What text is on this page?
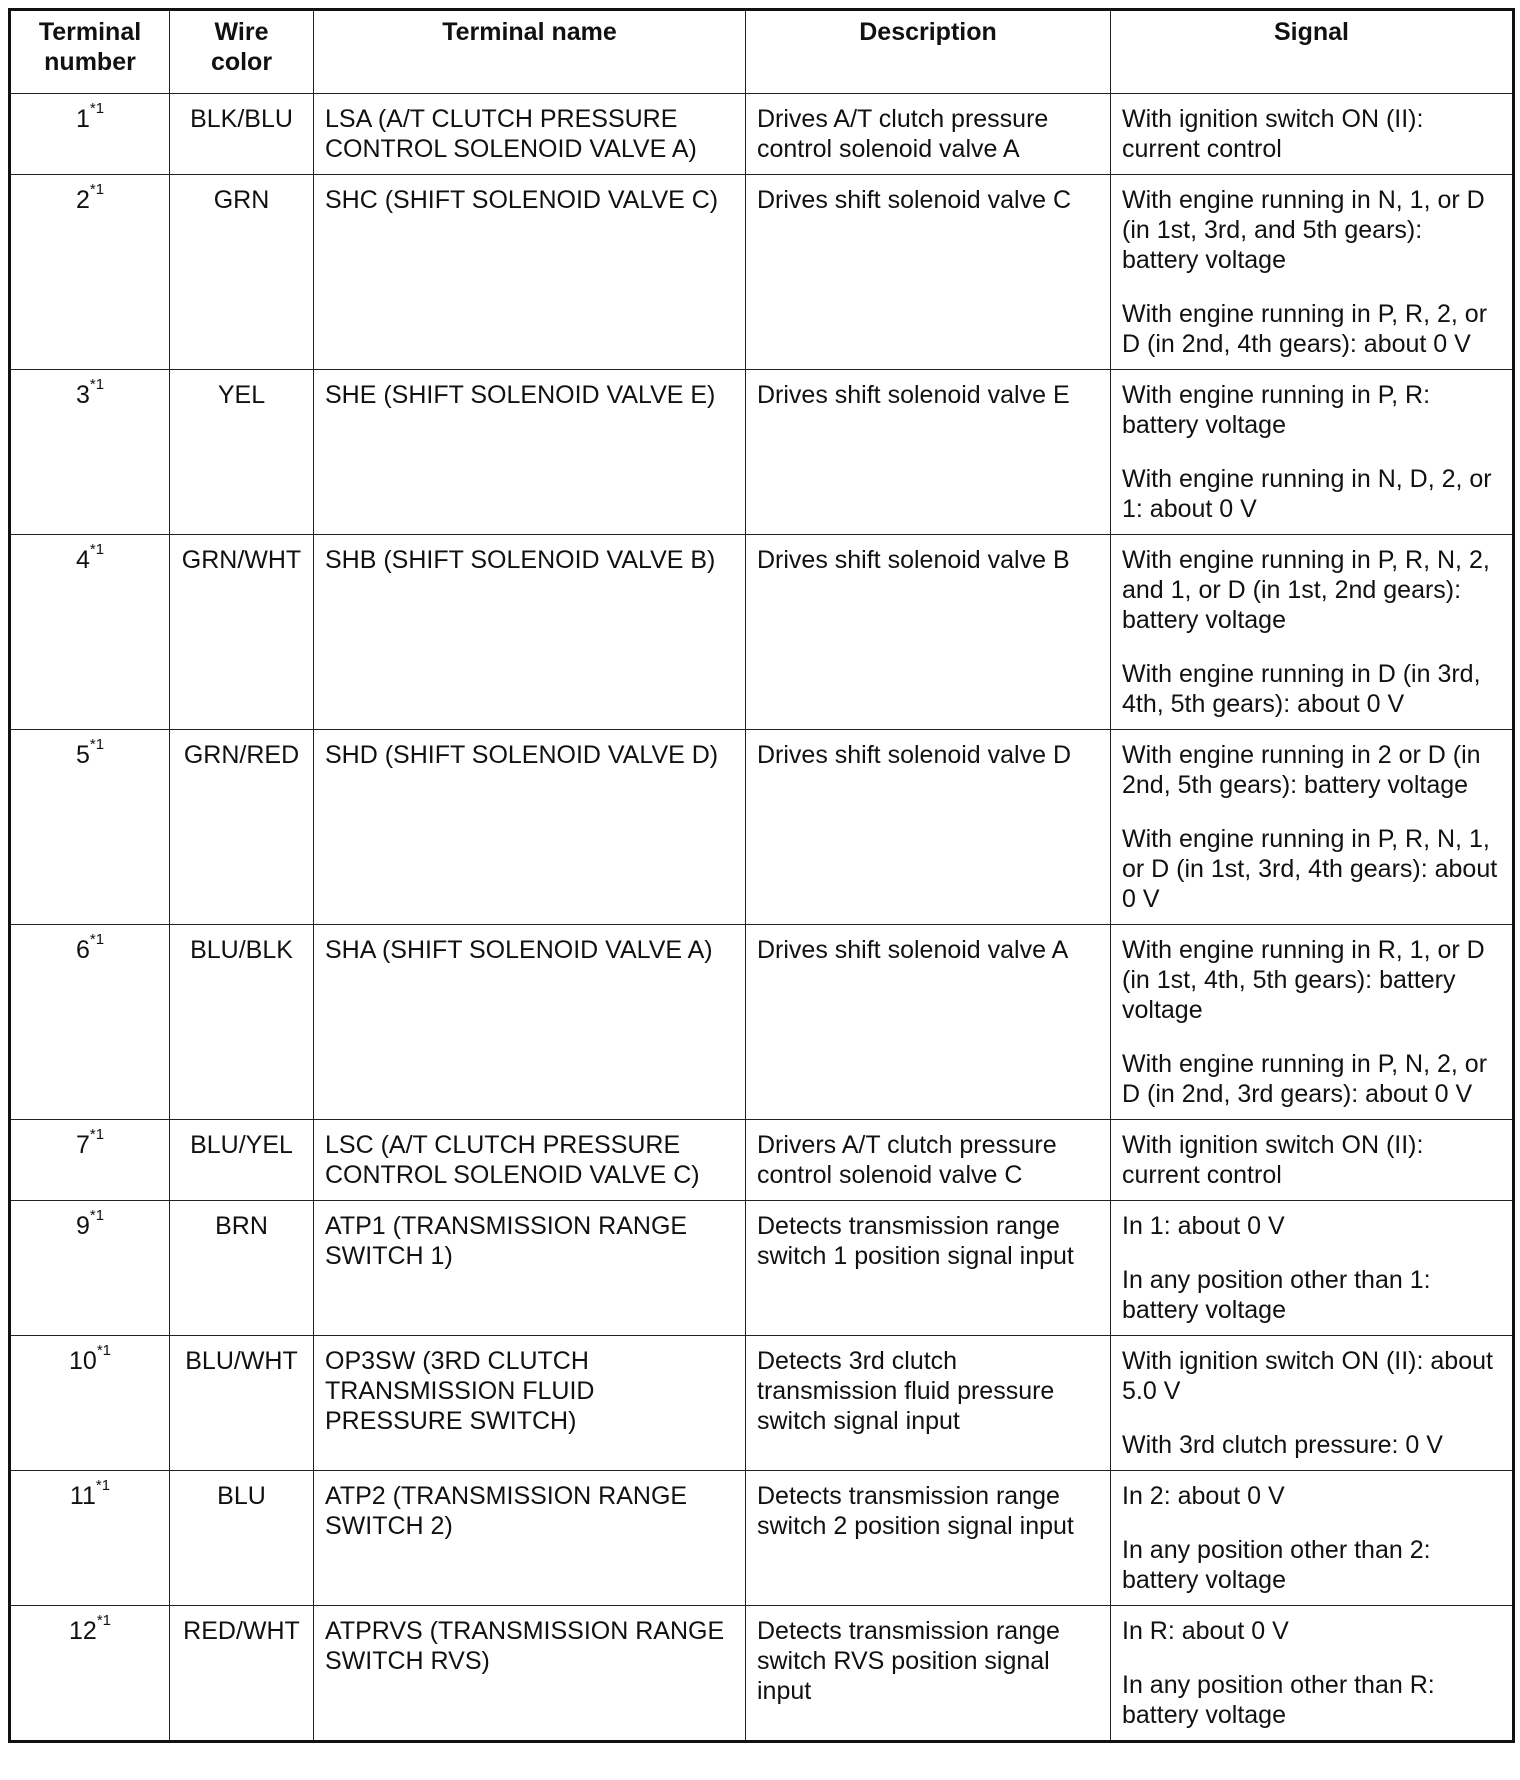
Terminal number	Wire color	Terminal name	Description	Signal
1$^{*1}$	BLK/BLU	LSA (A/T CLUTCH PRESSURE CONTROL SOLENOID VALVE A)	Drives A/T clutch pressure control solenoid valve A	With ignition switch ON (II): current control

2$^{*1}$	GRN	SHC (SHIFT SOLENOID VALVE C)	Drives shift solenoid valve C	With engine running in N, 1, or D (in 1st, 3rd, and 5th gears): battery voltage
With engine running in P, R, 2, or D (in 2nd, 4th gears): about 0 V

3$^{*1}$	YEL	SHE (SHIFT SOLENOID VALVE E)	Drives shift solenoid valve E	With engine running in P, R: battery voltage
With engine running in N, D, 2, or 1: about 0 V

4$^{*1}$	GRN/WHT	SHB (SHIFT SOLENOID VALVE B)	Drives shift solenoid valve B	With engine running in P, R, N, 2, and 1, or D (in 1st, 2nd gears): battery voltage
With engine running in D (in 3rd, 4th, 5th gears): about 0 V

5$^{*1}$	GRN/RED	SHD (SHIFT SOLENOID VALVE D)	Drives shift solenoid valve D	With engine running in 2 or D (in 2nd, 5th gears): battery voltage
With engine running in P, R, N, 1, or D (in 1st, 3rd, 4th gears): about 0 V

6$^{*1}$	BLU/BLK	SHA (SHIFT SOLENOID VALVE A)	Drives shift solenoid valve A	With engine running in R, 1, or D (in 1st, 4th, 5th gears): battery voltage
With engine running in P, N, 2, or D (in 2nd, 3rd gears): about 0 V

7$^{*1}$	BLU/YEL	LSC (A/T CLUTCH PRESSURE CONTROL SOLENOID VALVE C)	Drivers A/T clutch pressure control solenoid valve C	With ignition switch ON (II): current control

9$^{*1}$	BRN	ATP1 (TRANSMISSION RANGE SWITCH 1)	Detects transmission range switch 1 position signal input	In 1: about 0 V
In any position other than 1: battery voltage

10$^{*1}$	BLU/WHT	OP3SW (3RD CLUTCH TRANSMISSION FLUID PRESSURE SWITCH)	Detects 3rd clutch transmission fluid pressure switch signal input	With ignition switch ON (II): about 5.0 V
With 3rd clutch pressure: 0 V

11$^{*1}$	BLU	ATP2 (TRANSMISSION RANGE SWITCH 2)	Detects transmission range switch 2 position signal input	In 2: about 0 V
In any position other than 2: battery voltage

12$^{*1}$	RED/WHT	ATPRVS (TRANSMISSION RANGE SWITCH RVS)	Detects transmission range switch RVS position signal input	In R: about 0 V
In any position other than R: battery voltage
